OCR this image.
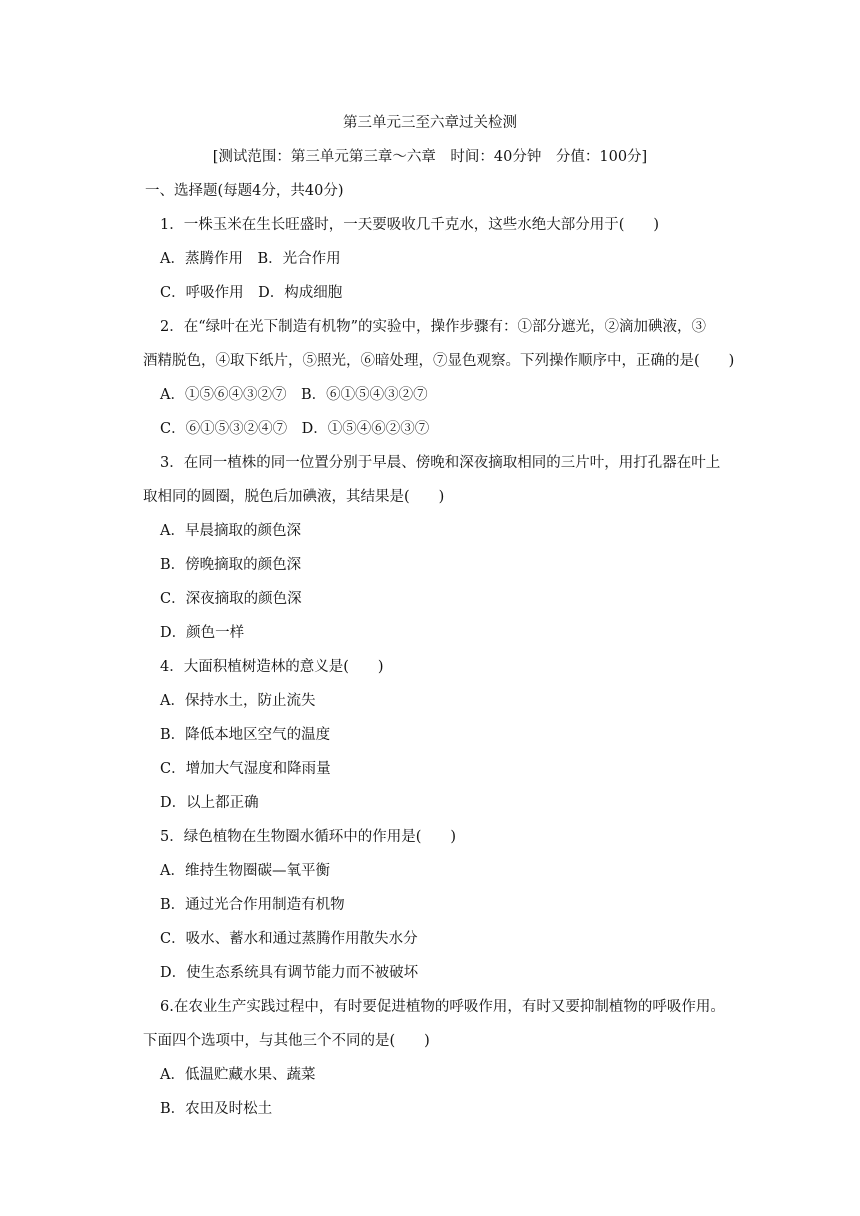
第三单元三至六章过关检测
[测试范围：第三单元第三章～六章　时间：40分钟　分值：100分]
一、选择题(每题4分，共40分)
1．一株玉米在生长旺盛时，一天要吸收几千克水，这些水绝大部分用于(　　)
A．蒸腾作用　B．光合作用
C．呼吸作用　D．构成细胞
2．在“绿叶在光下制造有机物”的实验中，操作步骤有：①部分遮光，②滴加碘液，③
酒精脱色，④取下纸片，⑤照光，⑥暗处理，⑦显色观察。下列操作顺序中，正确的是(　　)
A．①⑤⑥④③②⑦　B．⑥①⑤④③②⑦
C．⑥①⑤③②④⑦　D．①⑤④⑥②③⑦
3．在同一植株的同一位置分别于早晨、傍晚和深夜摘取相同的三片叶，用打孔器在叶上
取相同的圆圈，脱色后加碘液，其结果是(　　)
A．早晨摘取的颜色深
B．傍晚摘取的颜色深
C．深夜摘取的颜色深
D．颜色一样
4．大面积植树造林的意义是(　　)
A．保持水土，防止流失
B．降低本地区空气的温度
C．增加大气湿度和降雨量
D．以上都正确
5．绿色植物在生物圈水循环中的作用是(　　)
A．维持生物圈碳—氧平衡
B．通过光合作用制造有机物
C．吸水、蓄水和通过蒸腾作用散失水分
D．使生态系统具有调节能力而不被破坏
6.在农业生产实践过程中，有时要促进植物的呼吸作用，有时又要抑制植物的呼吸作用。
下面四个选项中，与其他三个不同的是(　　)
A．低温贮藏水果、蔬菜
B．农田及时松土
